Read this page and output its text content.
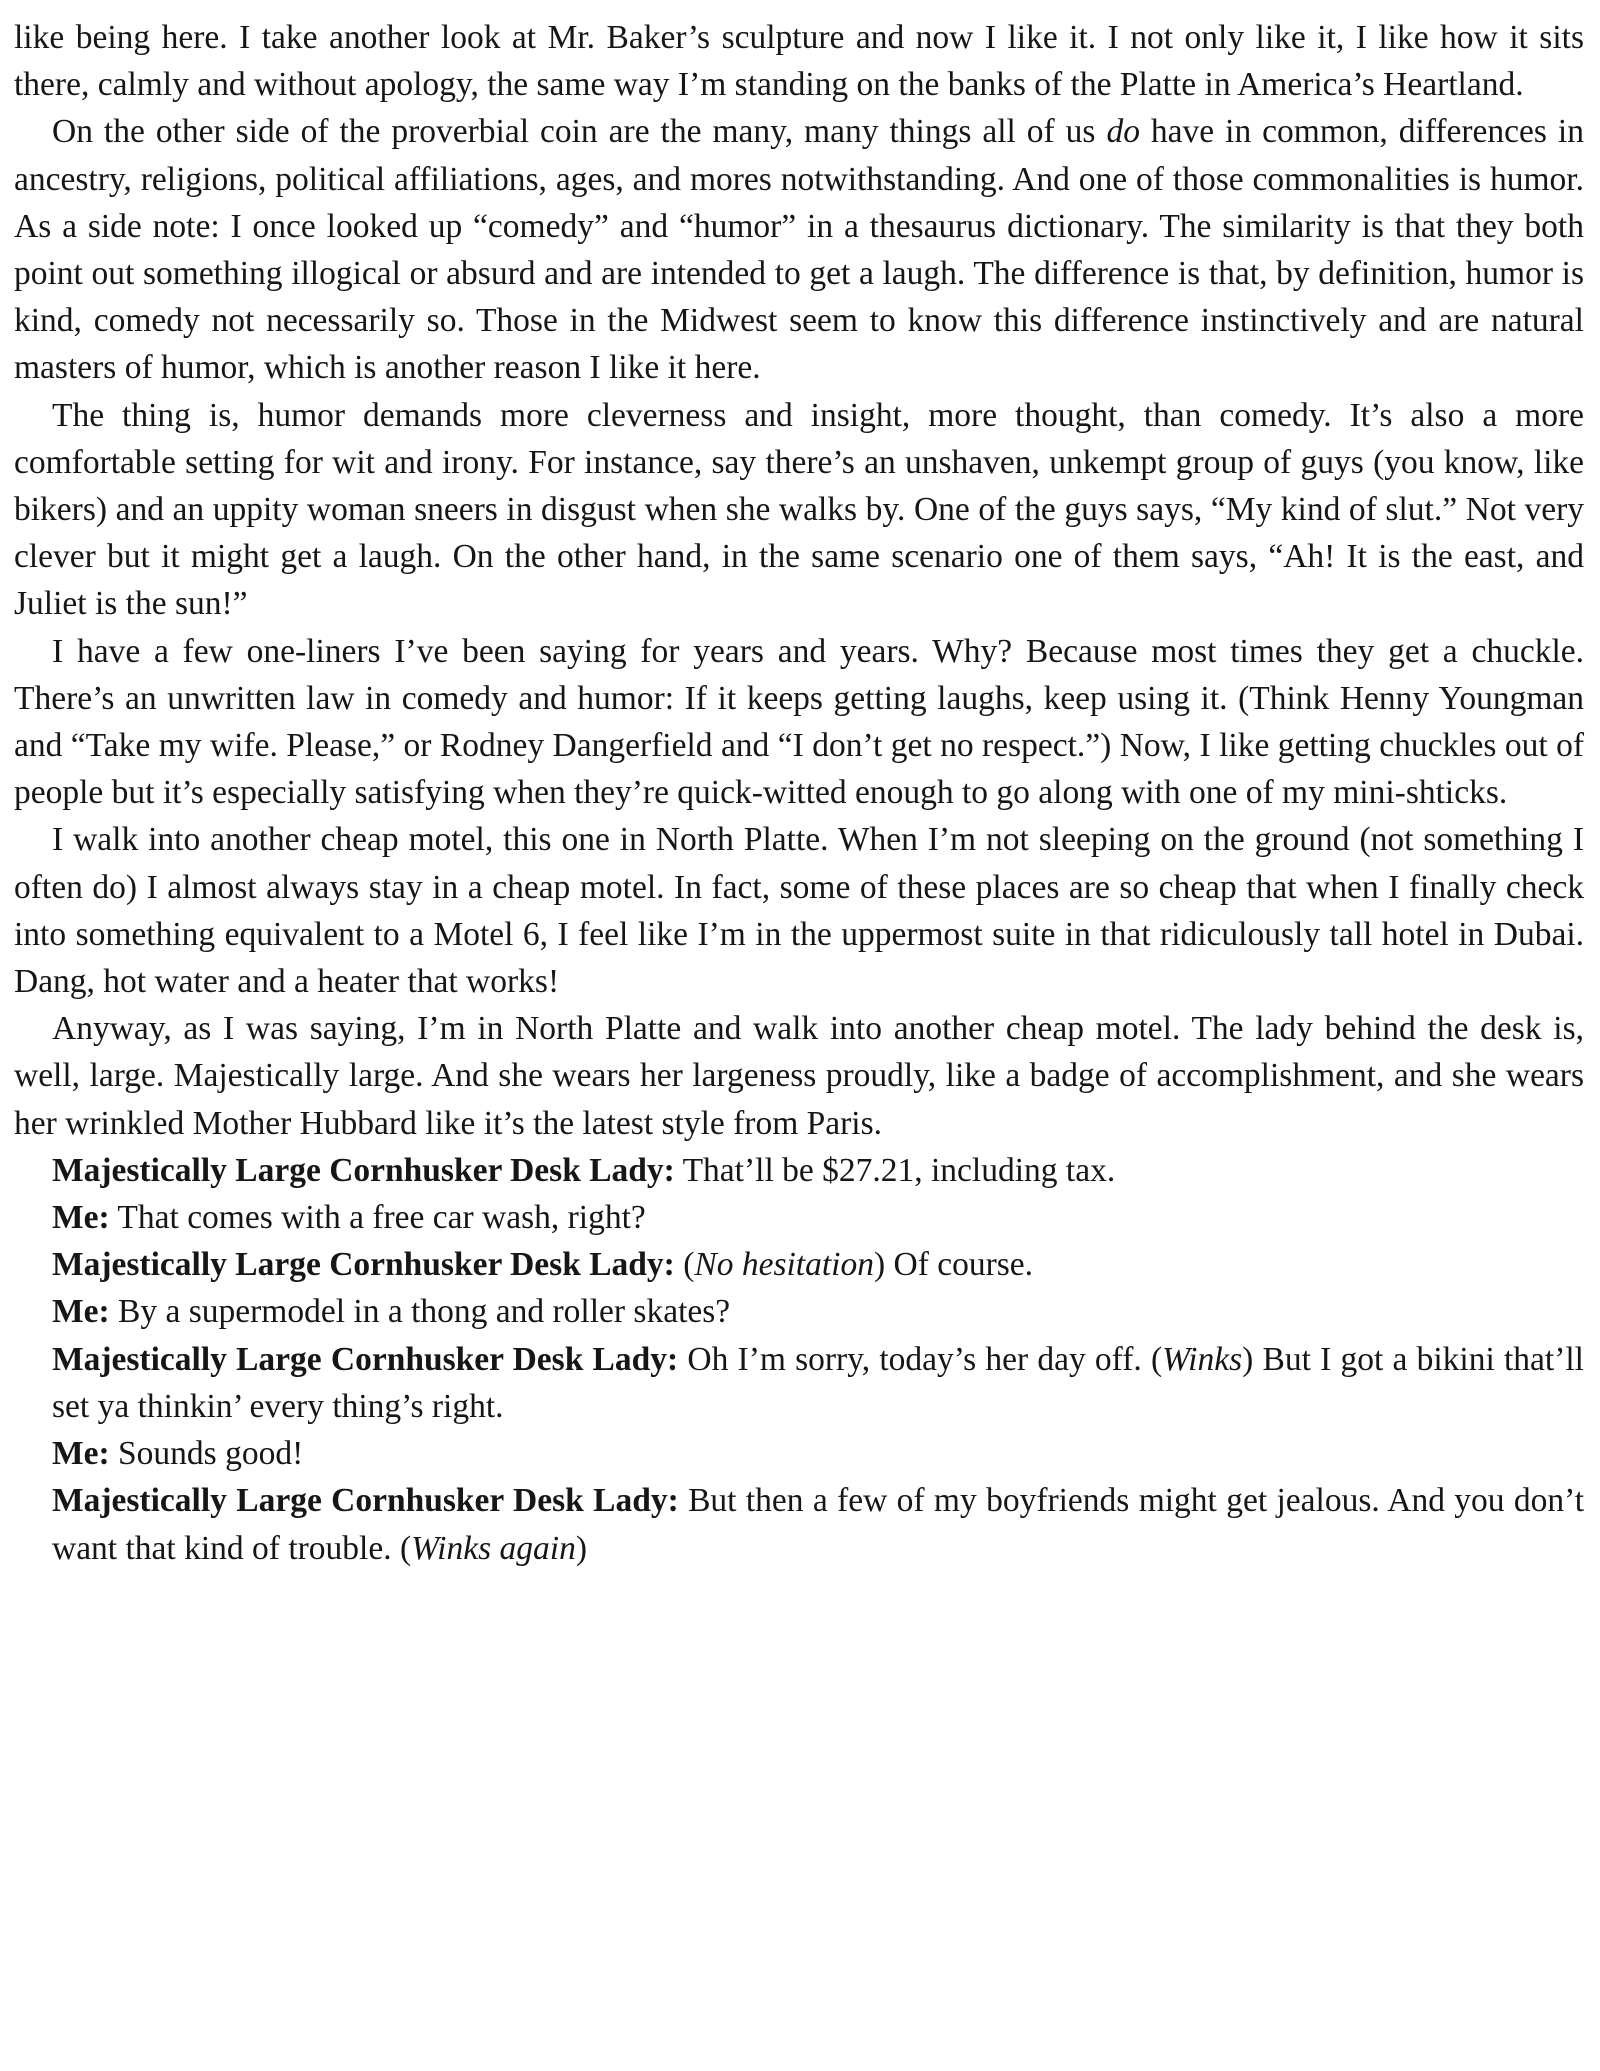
like being here. I take another look at Mr. Baker’s sculpture and now I like it. I not only like it, I like how it sits there, calmly and without apology, the same way I’m standing on the banks of the Platte in America’s Heartland.

On the other side of the proverbial coin are the many, many things all of us do have in common, differences in ancestry, religions, political affiliations, ages, and mores notwithstanding. And one of those commonalities is humor. As a side note: I once looked up “comedy” and “humor” in a thesaurus dictionary. The similarity is that they both point out something illogical or absurd and are intended to get a laugh. The difference is that, by definition, humor is kind, comedy not necessarily so. Those in the Midwest seem to know this difference instinctively and are natural masters of humor, which is another reason I like it here.

The thing is, humor demands more cleverness and insight, more thought, than comedy. It’s also a more comfortable setting for wit and irony. For instance, say there’s an unshaven, unkempt group of guys (you know, like bikers) and an uppity woman sneers in disgust when she walks by. One of the guys says, “My kind of slut.” Not very clever but it might get a laugh. On the other hand, in the same scenario one of them says, “Ah! It is the east, and Juliet is the sun!”

I have a few one-liners I’ve been saying for years and years. Why? Because most times they get a chuckle. There’s an unwritten law in comedy and humor: If it keeps getting laughs, keep using it. (Think Henny Youngman and “Take my wife. Please,” or Rodney Dangerfield and “I don’t get no respect.”) Now, I like getting chuckles out of people but it’s especially satisfying when they’re quick-witted enough to go along with one of my mini-shticks.

I walk into another cheap motel, this one in North Platte. When I’m not sleeping on the ground (not something I often do) I almost always stay in a cheap motel. In fact, some of these places are so cheap that when I finally check into something equivalent to a Motel 6, I feel like I’m in the uppermost suite in that ridiculously tall hotel in Dubai. Dang, hot water and a heater that works!

Anyway, as I was saying, I’m in North Platte and walk into another cheap motel. The lady behind the desk is, well, large. Majestically large. And she wears her largeness proudly, like a badge of accomplishment, and she wears her wrinkled Mother Hubbard like it’s the latest style from Paris.

Majestically Large Cornhusker Desk Lady: That’ll be $27.21, including tax.

Me: That comes with a free car wash, right?

Majestically Large Cornhusker Desk Lady: (No hesitation) Of course.

Me: By a supermodel in a thong and roller skates?

Majestically Large Cornhusker Desk Lady: Oh I’m sorry, today’s her day off. (Winks) But I got a bikini that’ll set ya thinkin’ every thing’s right.

Me: Sounds good!

Majestically Large Cornhusker Desk Lady: But then a few of my boyfriends might get jealous. And you don’t want that kind of trouble. (Winks again)
